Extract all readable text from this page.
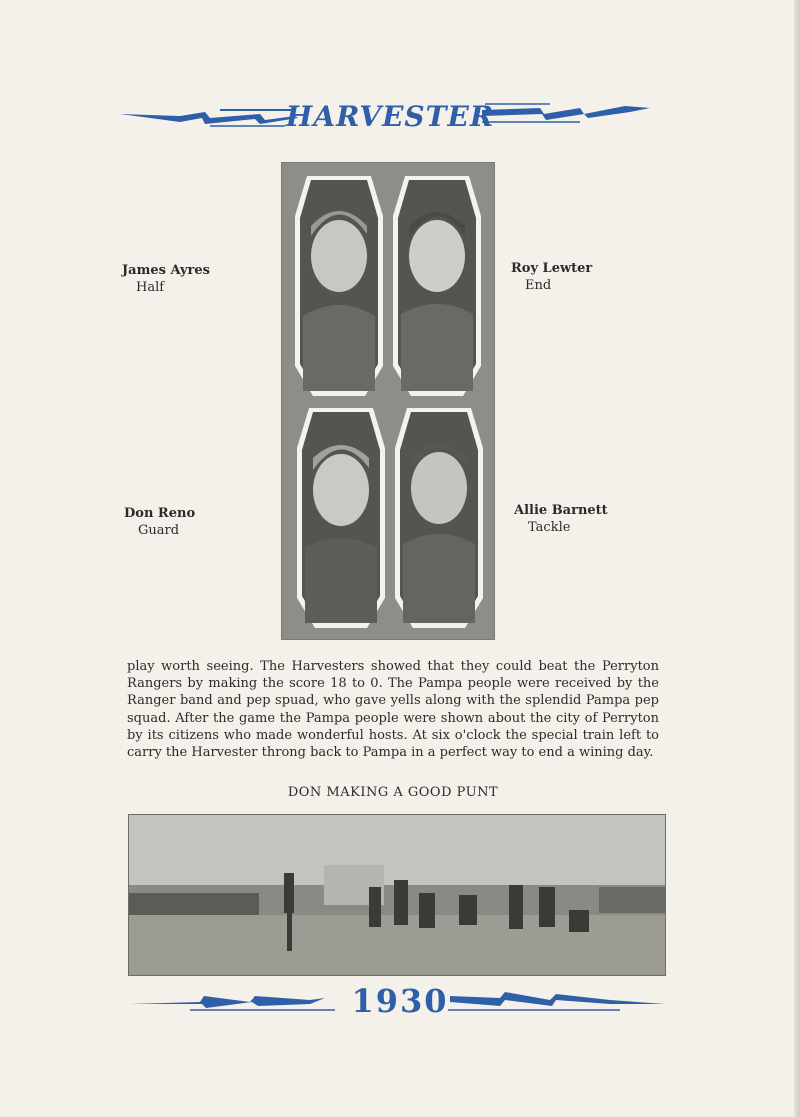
HARVESTER
James Ayres
Half
Roy Lewter
End
Don Reno
Guard
Allie Barnett
Tackle
play worth seeing. The Harvesters showed that they could beat the Perryton Rangers by making the score 18 to 0. The Pampa people were received by the Ranger band and pep spuad, who gave yells along with the splendid Pampa pep squad. After the game the Pampa people were shown about the city of Perryton by its citizens who made wonderful hosts. At six o'clock the special train left to carry the Harvester throng back to Pampa in a perfect way to end a wining day.
DON MAKING A GOOD PUNT
1930
